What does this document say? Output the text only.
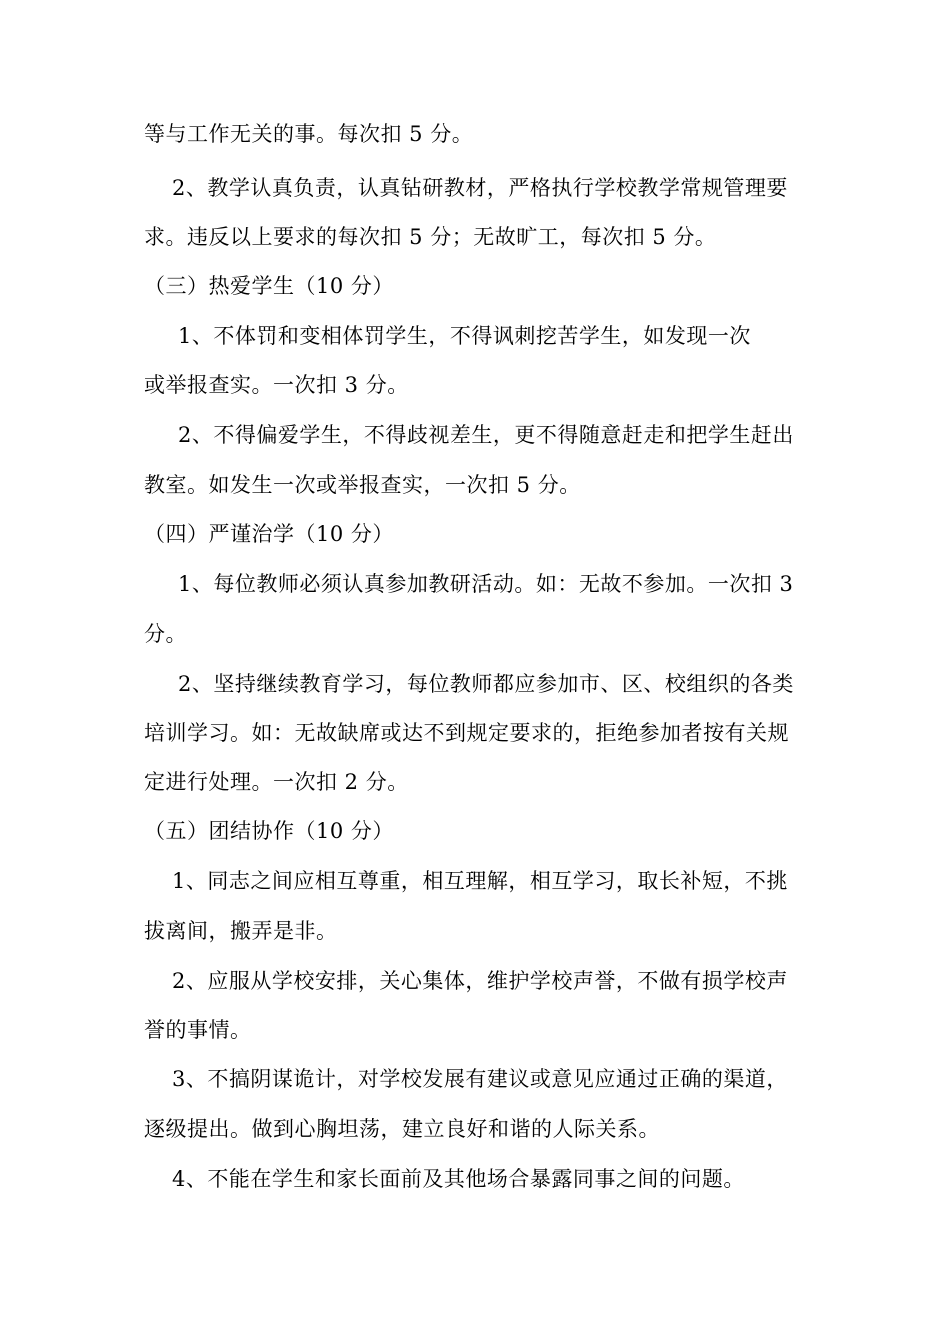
等与工作无关的事。每次扣 5 分。
2、教学认真负责，认真钻研教材，严格执行学校教学常规管理要
求。违反以上要求的每次扣 5 分；无故旷工，每次扣 5 分。
（三）热爱学生（10 分）
1、不体罚和变相体罚学生，不得讽刺挖苦学生，如发现一次
或举报查实。一次扣 3 分。
2、不得偏爱学生，不得歧视差生，更不得随意赶走和把学生赶出
教室。如发生一次或举报查实，一次扣 5 分。
（四）严谨治学（10 分）
1、每位教师必须认真参加教研活动。如：无故不参加。一次扣 3
分。
2、坚持继续教育学习，每位教师都应参加市、区、校组织的各类
培训学习。如：无故缺席或达不到规定要求的，拒绝参加者按有关规
定进行处理。一次扣 2 分。
（五）团结协作（10 分）
1、同志之间应相互尊重，相互理解，相互学习，取长补短，不挑
拔离间，搬弄是非。
2、应服从学校安排，关心集体，维护学校声誉，不做有损学校声
誉的事情。
3、不搞阴谋诡计，对学校发展有建议或意见应通过正确的渠道，
逐级提出。做到心胸坦荡，建立良好和谐的人际关系。
4、不能在学生和家长面前及其他场合暴露同事之间的问题。
